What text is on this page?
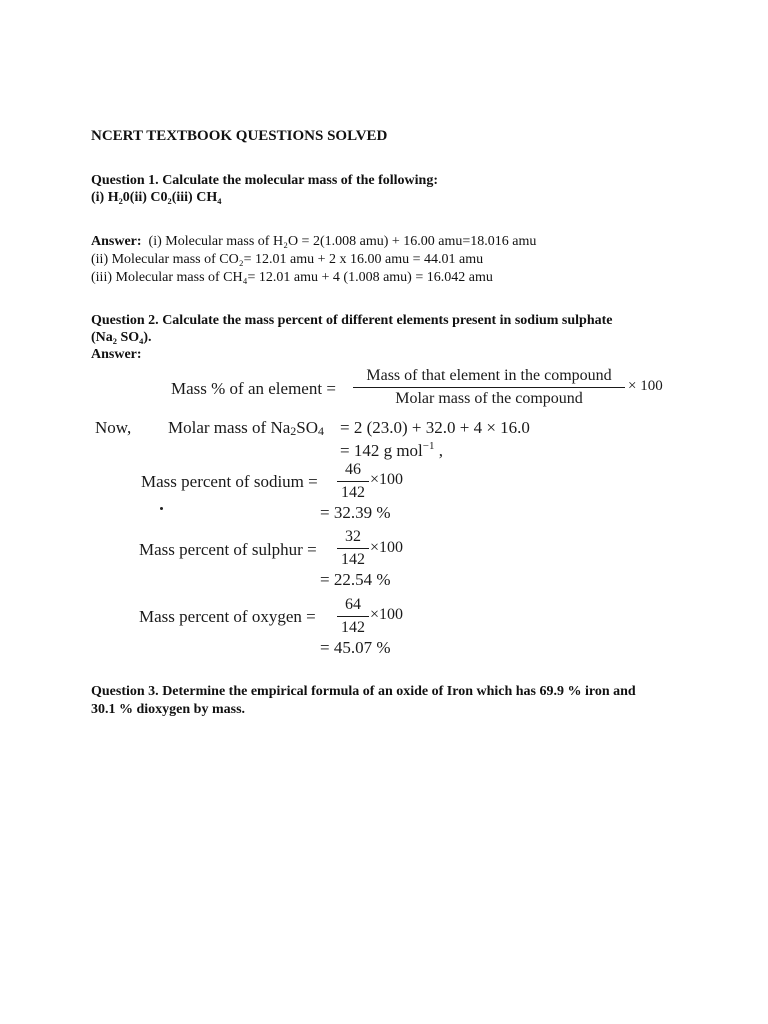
NCERT TEXTBOOK QUESTIONS SOLVED
Question 1. Calculate the molecular mass of the following:
(i) H₂0(ii) C0₂(iii) CH₄
Answer: (i) Molecular mass of H₂O = 2(1.008 amu) + 16.00 amu=18.016 amu
(ii) Molecular mass of CO₂= 12.01 amu + 2 x 16.00 amu = 44.01 amu
(iii) Molecular mass of CH₄= 12.01 amu + 4 (1.008 amu) = 16.042 amu
Question 2. Calculate the mass percent of different elements present in sodium sulphate
(Na₂ SO₄).
Answer:
Mass % of an element =
Mass of that element in the compound
Molar mass of the compound
× 100
Now, Molar mass of Na2SO4 = 2 (23.0) + 32.0 + 4 × 16.0
= 142 g mol$^{-1}$ ,
Mass percent of sodium =
46
142
×100
= 32.39 %
Mass percent of sulphur =
32
142
×100
= 22.54 %
Mass percent of oxygen =
64
142
×100
= 45.07 %
Question 3. Determine the empirical formula of an oxide of Iron which has 69.9 % iron and
30.1 % dioxygen by mass.
